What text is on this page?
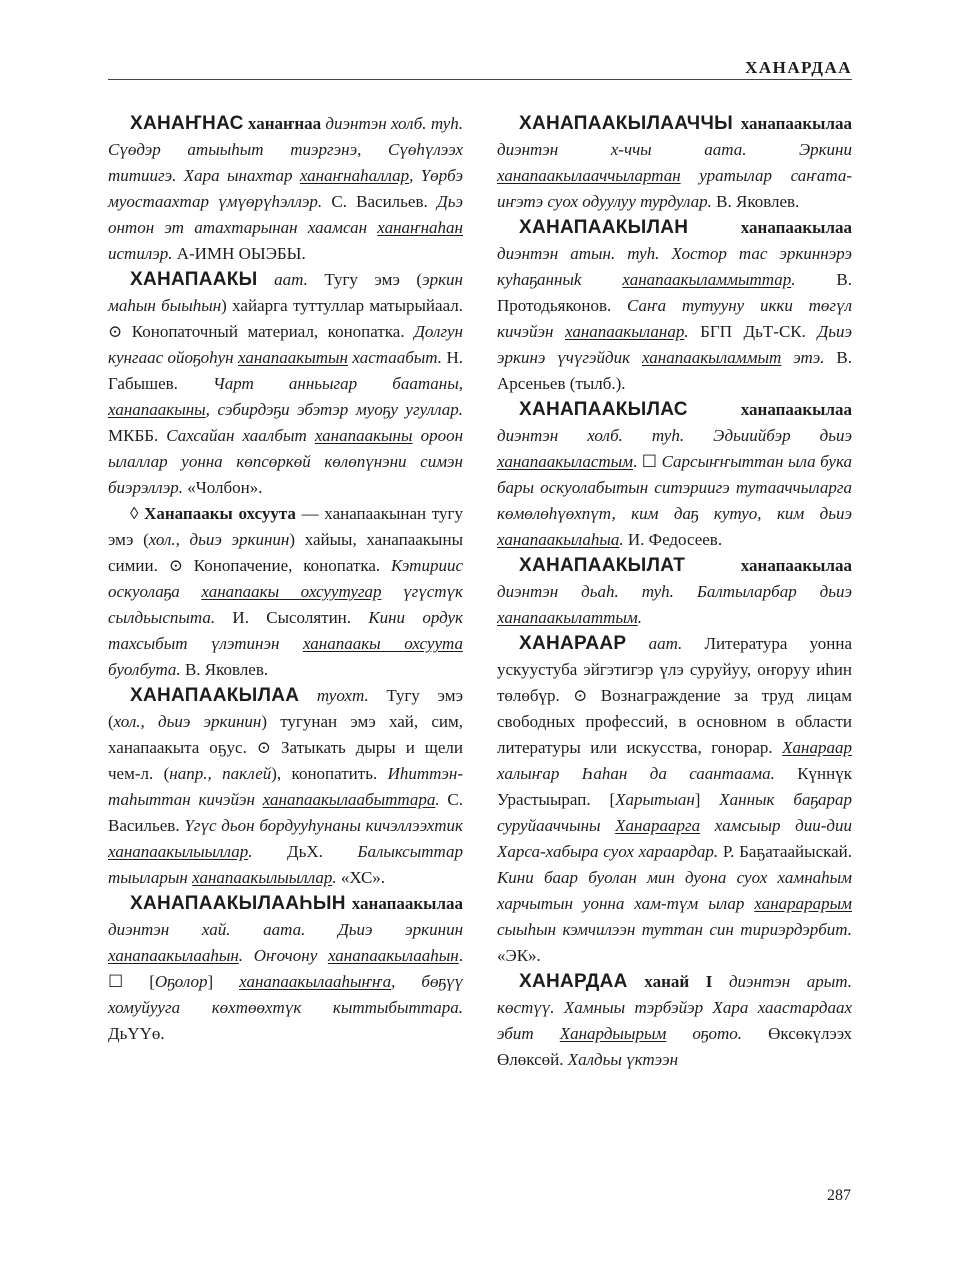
ХАНАРДАА

ХАНАҤНАС ханаҥнаа диэнтэн холб. туһ. Сүөдэр атыыһыт тиэргэнэ, Сүөһүлээх титиигэ. Хара ынахтар ханаҥнаһаллар, Үөрбэ муостаахтар үмүөрүһэллэр. С. Васильев. Дьэ онтон эт атахтарынан хаамсан ханаҥнаһан истилэр. А-ИМН ОЫЭБЫ.

ХАНАПААКЫ аат. Тугу эмэ (эркин маһын быыһын) хайарга туттуллар матырыйаал. ⊙ Конопаточный материал, конопатка. Долгун кунгаас ойоҕоһун ханапаакытын хастаабыт. Н. Габышев. Чарт анньыгар баатаны, ханапаакыны, сэбирдэҕи эбэтэр муоҕу угуллар. МКББ. Сахсайан хаалбыт ханапаакыны ороон ылаллар уонна көпсөркөй көлөпүнэни симэн биэрэллэр. «Чолбон».

◊ Ханапаакы охсуута — ханапаакынан тугу эмэ (хол., дьиэ эркинин) хайыы, ханапаакыны симии. ⊙ Конопачение, конопатка. Кэтириис оскуолаҕа ханапаакы охсуутугар үгүстүк сылдьыспыта. И. Сысолятин. Кини ордук тахсыбыт үлэтинэн ханапаакы охсуута буолбута. В. Яковлев.

ХАНАПААКЫЛАА туохт. Тугу эмэ (хол., дьиэ эркинин) тугунан эмэ хай, сим, ханапаакыта оҕус. ⊙ Затыкать дыры и щели чем-л. (напр., паклей), конопатить. Иһиттэн-таһыттан кичэйэн ханапаакылаабыттара. С. Васильев. Үгүс дьон бордууһунаны кичэллээхтик ханапаакылыыллар. ДьХ. Балыксыттар тыыларын ханапаакылыыллар. «ХС».

ХАНАПААКЫЛААҺЫН ханапаакылаа диэнтэн хай. аата. Дьиэ эркинин ханапаакылааһын. Оҥочону ханапаакылааһын. ☐ [Оҕолор] ханапаакылааһыҥҥа, бөҕүү хомуйууга көхтөөхтүк кыттыбыттара. ДьҮҮө.

ХАНАПААКЫЛААЧЧЫ ханапаакылаа диэнтэн х-ччы аата. Эркини ханапаакылааччылартан уратылар саҥата-иҥэтэ суох одуулуу турдулар. В. Яковлев.

ХАНАПААКЫЛАН	ханапаакылаа диэнтэн атын. туһ. Хостор тас эркиннэрэ куһаҕанныk ханапаакыламмыттар. В. Протодьяконов. Саҥа тутууну икки төгүл кичэйэн ханапаакыланар. БГП ДьТ-СК. Дьиэ эркинэ үчүгэйдик ханапаакыламмыт этэ. В. Арсеньев (тылб.).

ХАНАПААКЫЛАС	ханапаакылаа диэнтэн холб. туһ. Эдьиийбэр дьиэ ханапаакыластым. ☐ Сарсыҥҥыттан ыла бука бары оскуолабытын ситэриигэ тутааччыларга көмөлөһүөхпүт, ким даҕ кутуо, ким дьиэ ханапаакылаһыа. И. Федосеев.

ХАНАПААКЫЛАТ	ханапаакылаа диэнтэн дьаһ. туһ. Балтыларбар дьиэ ханапаакылаттым.

ХАНАРААР аат. Литература уонна ускуустуба эйгэтигэр үлэ суруйуу, оҥоруу иһин төлөбүр. ⊙ Вознаграждение за труд лицам свободных профессий, в основном в области литературы или искусства, гонорар. Ханараар халыҥар Һаһан да саантаама. Күннүк Урастыырап. [Харытыан] Ханнык баҕарар суруйааччыны Ханараарга хамсыыр дии-дии Харса-хабыра суох хараардар. Р. Баҕатаайыскай. Кини баар буолан мин дуона суох хамнаһым харчытын уонна хам-түм ылар ханарарарым сыыһын кэмчилээн туттан син тириэрдэрбит. «ЭК».

ХАНАРДАА ханай I диэнтэн арыт. көстүү. Хамныы тэрбэйэр Хара хаастардаах эбит Ханардыырым оҕото. Өксөкүлээх Өлөксөй. Халдьы үктээн

287
